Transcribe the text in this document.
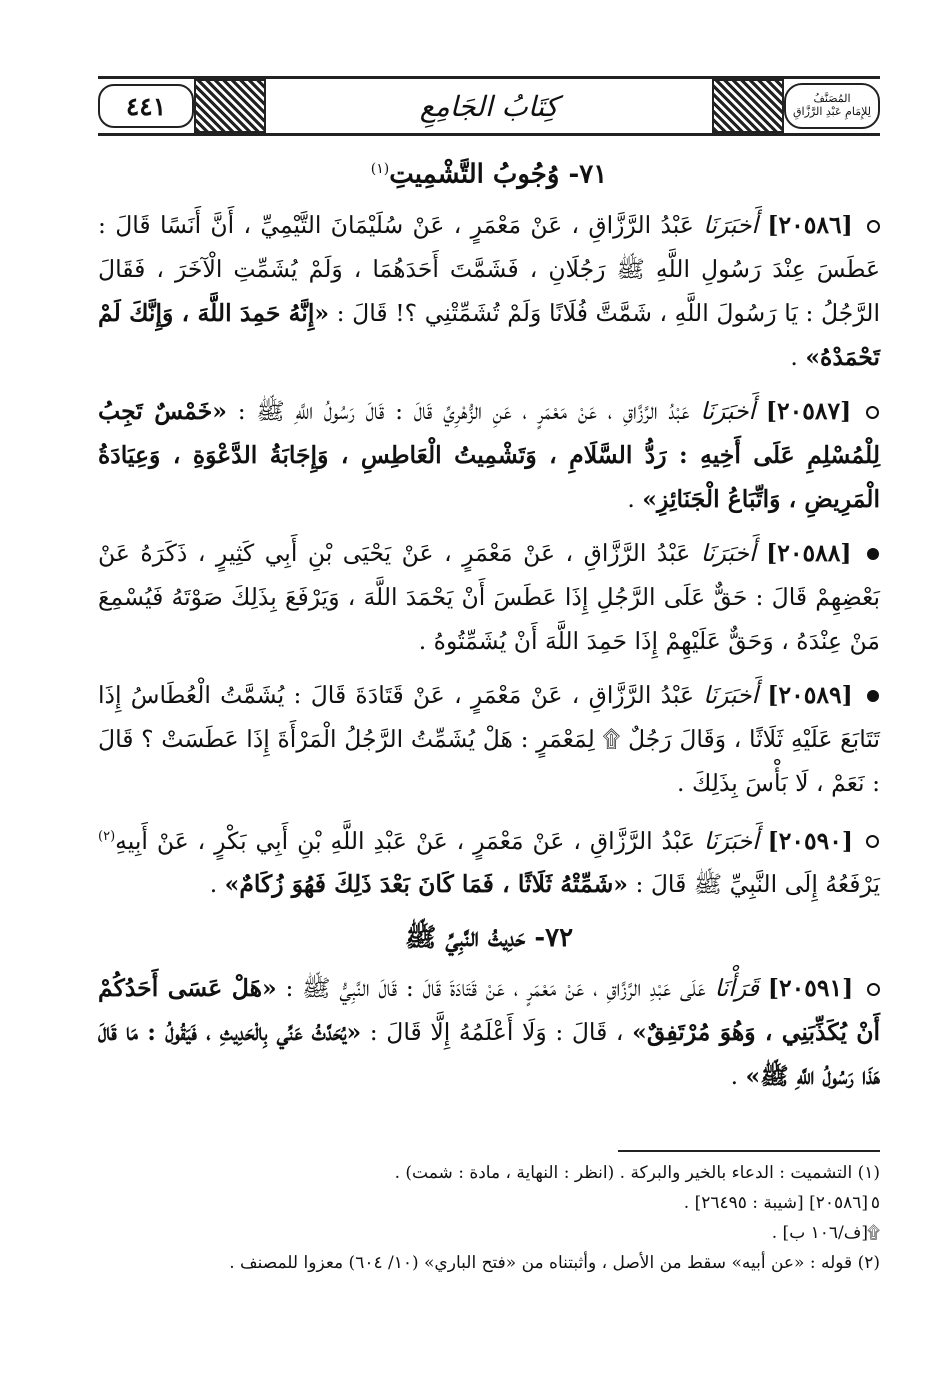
٤٤١	كِتَابُ الجَامِعِ	المُصَنَّفُ
لِلإِمَامِ عَبْدِ الرَّزَّاقِ
٧١- وُجُوبُ التَّشْمِيتِ$^{(١)}$

[٢٠٥٨٦] أَخبَرَنَا عَبْدُ الرَّزَّاقِ ، عَنْ مَعْمَرٍ ، عَنْ سُلَيْمَانَ التَّيْمِيِّ ، أَنَّ أَنَسًا قَالَ : عَطَسَ عِنْدَ رَسُولِ اللَّهِ ﷺ رَجُلَانِ ، فَشَمَّتَ أَحَدَهُمَا ، وَلَمْ يُشَمِّتِ الْآخَرَ ، فَقَالَ الرَّجُلُ : يَا رَسُولَ اللَّهِ ، شَمَّتَّ فُلَانًا وَلَمْ تُشَمِّتْنِي ؟! قَالَ : «إِنَّهُ حَمِدَ اللَّهَ ، وَإِنَّكَ لَمْ تَحْمَدْهُ» .

[٢٠٥٨٧] أَخبَرَنَا عَبْدُ الرَّزَّاقِ ، عَنْ مَعْمَرٍ ، عَنِ الزُّهْرِيِّ قَالَ : قَالَ رَسُولُ اللَّهِ ﷺ : «خَمْسٌ تَجِبُ لِلْمُسْلِمِ عَلَى أَخِيهِ : رَدُّ السَّلَامِ ، وَتَشْمِيتُ الْعَاطِسِ ، وَإِجَابَةُ الدَّعْوَةِ ، وَعِيَادَةُ الْمَرِيضِ ، وَاتِّبَاعُ الْجَنَائِزِ» .

[٢٠٥٨٨] أَخبَرَنَا عَبْدُ الرَّزَّاقِ ، عَنْ مَعْمَرٍ ، عَنْ يَحْيَى بْنِ أَبِي كَثِيرٍ ، ذَكَرَهُ عَنْ بَعْضِهِمْ قَالَ : حَقٌّ عَلَى الرَّجُلِ إِذَا عَطَسَ أَنْ يَحْمَدَ اللَّهَ ، وَيَرْفَعَ بِذَلِكَ صَوْتَهُ فَيُسْمِعَ مَنْ عِنْدَهُ ، وَحَقٌّ عَلَيْهِمْ إِذَا حَمِدَ اللَّهَ أَنْ يُشَمِّتُوهُ .

[٢٠٥٨٩] أَخبَرَنَا عَبْدُ الرَّزَّاقِ ، عَنْ مَعْمَرٍ ، عَنْ قَتَادَةَ قَالَ : يُشَمَّتُ الْعُطَاسُ إِذَا تَتَابَعَ عَلَيْهِ ثَلَاثًا ، وَقَالَ رَجُلٌ ۩ لِمَعْمَرٍ : هَلْ يُشَمِّتُ الرَّجُلُ الْمَرْأَةَ إِذَا عَطَسَتْ ؟ قَالَ : نَعَمْ ، لَا بَأْسَ بِذَلِكَ .

[٢٠٥٩٠] أَخبَرَنَا عَبْدُ الرَّزَّاقِ ، عَنْ مَعْمَرٍ ، عَنْ عَبْدِ اللَّهِ بْنِ أَبِي بَكْرٍ ، عَنْ أَبِيهِ$^{(٢)}$ يَرْفَعُهُ إِلَى النَّبِيِّ ﷺ قَالَ : «شَمِّتْهُ ثَلَاثًا ، فَمَا كَانَ بَعْدَ ذَلِكَ فَهُوَ زُكَامٌ» .

٧٢- حَدِيثُ النَّبِيِّ ﷺ

[٢٠٥٩١] قَرَأْنَا عَلَى عَبْدِ الرَّزَّاقِ ، عَنْ مَعْمَرٍ ، عَنْ قَتَادَةَ قَالَ : قَالَ النَّبِيُّ ﷺ : «هَلْ عَسَى أَحَدُكُمْ أَنْ يُكَذِّبَنِي ، وَهُوَ مُرْتَفِقٌ» ، قَالَ : وَلَا أَعْلَمُهُ إِلَّا قَالَ : «يُحَدَّثُ عَنِّي بِالْحَدِيثِ ، فَيَقُولُ : مَا قَالَ هَذَا رَسُولُ اللَّهِ ﷺ» .

(١) التشميت : الدعاء بالخير والبركة . (انظر : النهاية ، مادة : شمت) .

٥[٢٠٥٨٦] [شيبة : ٢٦٤٩٥] .

۩[ف/١٠٦ ب] .

(٢) قوله : «عن أبيه» سقط من الأصل ، وأثبتناه من «فتح الباري» (١٠/ ٦٠٤) معزوا للمصنف .
